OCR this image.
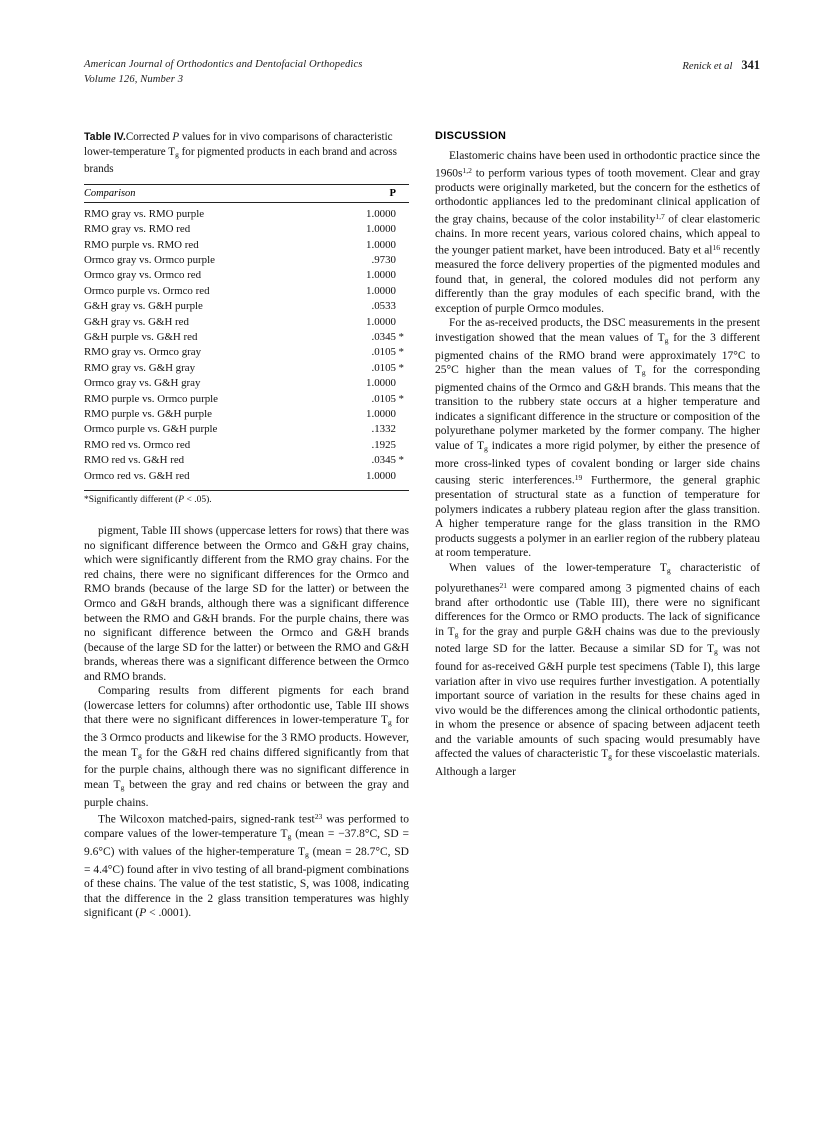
American Journal of Orthodontics and Dentofacial Orthopedics
Volume 126, Number 3
Renick et al 341
Table IV.Corrected P values for in vivo comparisons of characteristic lower-temperature $T_g$ for pigmented products in each brand and across brands
Comparison	P
RMO gray vs. RMO purple	1.0000

RMO gray vs. RMO red	1.0000

RMO purple vs. RMO red	1.0000

Ormco gray vs. Ormco purple	.9730

Ormco gray vs. Ormco red	1.0000

Ormco purple vs. Ormco red	1.0000

G&H gray vs. G&H purple	.0533

G&H gray vs. G&H red	1.0000

G&H purple vs. G&H red	.0345 *

RMO gray vs. Ormco gray	.0105 *

RMO gray vs. G&H gray	.0105 *

Ormco gray vs. G&H gray	1.0000

RMO purple vs. Ormco purple	.0105 *

RMO purple vs. G&H purple	1.0000

Ormco purple vs. G&H purple	.1332

RMO red vs. Ormco red	.1925

RMO red vs. G&H red	.0345 *

Ormco red vs. G&H red	1.0000
*Significantly different (P < .05).

pigment, Table III shows (uppercase letters for rows) that there was no significant difference between the Ormco and G&H gray chains, which were significantly different from the RMO gray chains. For the red chains, there were no significant differences for the Ormco and RMO brands (because of the large SD for the latter) or between the Ormco and G&H brands, although there was a significant difference between the RMO and G&H brands. For the purple chains, there was no significant difference between the Ormco and G&H brands (because of the large SD for the latter) or between the RMO and G&H brands, whereas there was a significant difference between the Ormco and RMO brands.

Comparing results from different pigments for each brand (lowercase letters for columns) after orthodontic use, Table III shows that there were no significant differences in lower-temperature $T_g$ for the 3 Ormco products and likewise for the 3 RMO products. However, the mean $T_g$ for the G&H red chains differed significantly from that for the purple chains, although there was no significant difference in mean $T_g$ between the gray and red chains or between the gray and purple chains.

The Wilcoxon matched-pairs, signed-rank test$^{23}$ was performed to compare values of the lower-temperature $T_g$ (mean = −37.8°C, SD = 9.6°C) with values of the higher-temperature $T_g$ (mean = 28.7°C, SD = 4.4°C) found after in vivo testing of all brand-pigment combinations of these chains. The value of the test statistic, S, was 1008, indicating that the difference in the 2 glass transition temperatures was highly significant (P < .0001).

DISCUSSION

Elastomeric chains have been used in orthodontic practice since the $1960s^{1,2}$ to perform various types of tooth movement. Clear and gray products were originally marketed, but the concern for the esthetics of orthodontic appliances led to the predominant clinical application of the gray chains, because of the color instability$^{1,7}$ of clear elastomeric chains. In more recent years, various colored chains, which appeal to the younger patient market, have been introduced. Baty et $al^{16}$ recently measured the force delivery properties of the pigmented modules and found that, in general, the colored modules did not perform any differently than the gray modules of each specific brand, with the exception of purple Ormco modules.

For the as-received products, the DSC measurements in the present investigation showed that the mean values of $T_g$ for the 3 different pigmented chains of the RMO brand were approximately 17°C to 25°C higher than the mean values of $T_g$ for the corresponding pigmented chains of the Ormco and G&H brands. This means that the transition to the rubbery state occurs at a higher temperature and indicates a significant difference in the structure or composition of the polyurethane polymer marketed by the former company. The higher value of $T_g$ indicates a more rigid polymer, by either the presence of more cross-linked types of covalent bonding or larger side chains causing steric interferences.$^{19}$ Furthermore, the general graphic presentation of structural state as a function of temperature for polymers indicates a rubbery plateau region after the glass transition. A higher temperature range for the glass transition in the RMO products suggests a polymer in an earlier region of the rubbery plateau at room temperature.

When values of the lower-temperature $T_g$ characteristic of polyurethanes$^{21}$ were compared among 3 pigmented chains of each brand after orthodontic use (Table III), there were no significant differences for the Ormco or RMO products. The lack of significance in $T_g$ for the gray and purple G&H chains was due to the previously noted large SD for the latter. Because a similar SD for $T_g$ was not found for as-received G&H purple test specimens (Table I), this large variation after in vivo use requires further investigation. A potentially important source of variation in the results for these chains aged in vivo would be the differences among the clinical orthodontic patients, in whom the presence or absence of spacing between adjacent teeth and the variable amounts of such spacing would presumably have affected the values of characteristic $T_g$ for these viscoelastic materials. Although a larger
